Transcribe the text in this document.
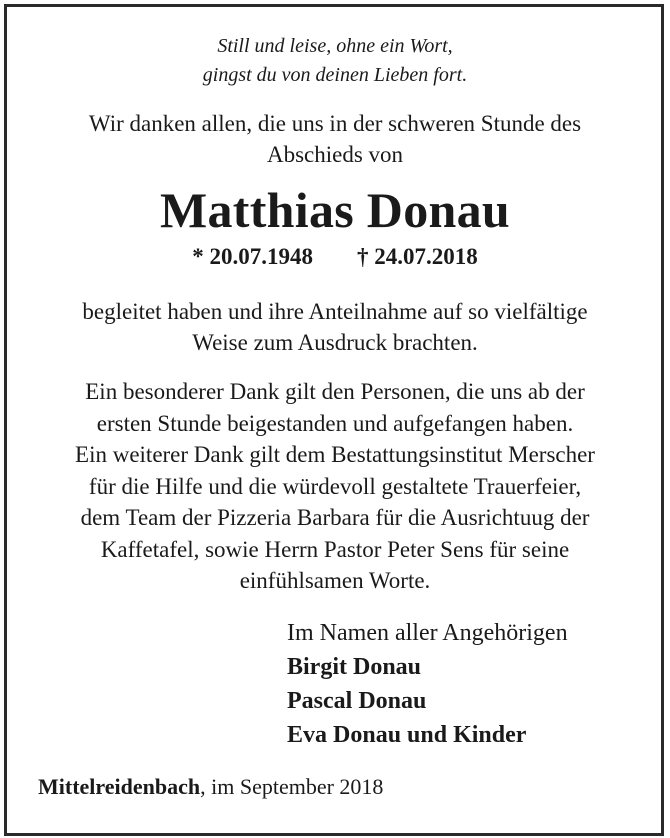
Still und leise, ohne ein Wort,
gingst du von deinen Lieben fort.
Wir danken allen, die uns in der schweren Stunde des
Abschieds von
Matthias Donau
* 20.07.1948 † 24.07.2018
begleitet haben und ihre Anteilnahme auf so vielfältige
Weise zum Ausdruck brachten.
Ein besonderer Dank gilt den Personen, die uns ab der
ersten Stunde beigestanden und aufgefangen haben.
Ein weiterer Dank gilt dem Bestattungsinstitut Merscher
für die Hilfe und die würdevoll gestaltete Trauerfeier,
dem Team der Pizzeria Barbara für die Ausrichtuug der
Kaffetafel, sowie Herrn Pastor Peter Sens für seine
einfühlsamen Worte.
Im Namen aller Angehörigen
Birgit Donau
Pascal Donau
Eva Donau und Kinder
Mittelreidenbach, im September 2018
